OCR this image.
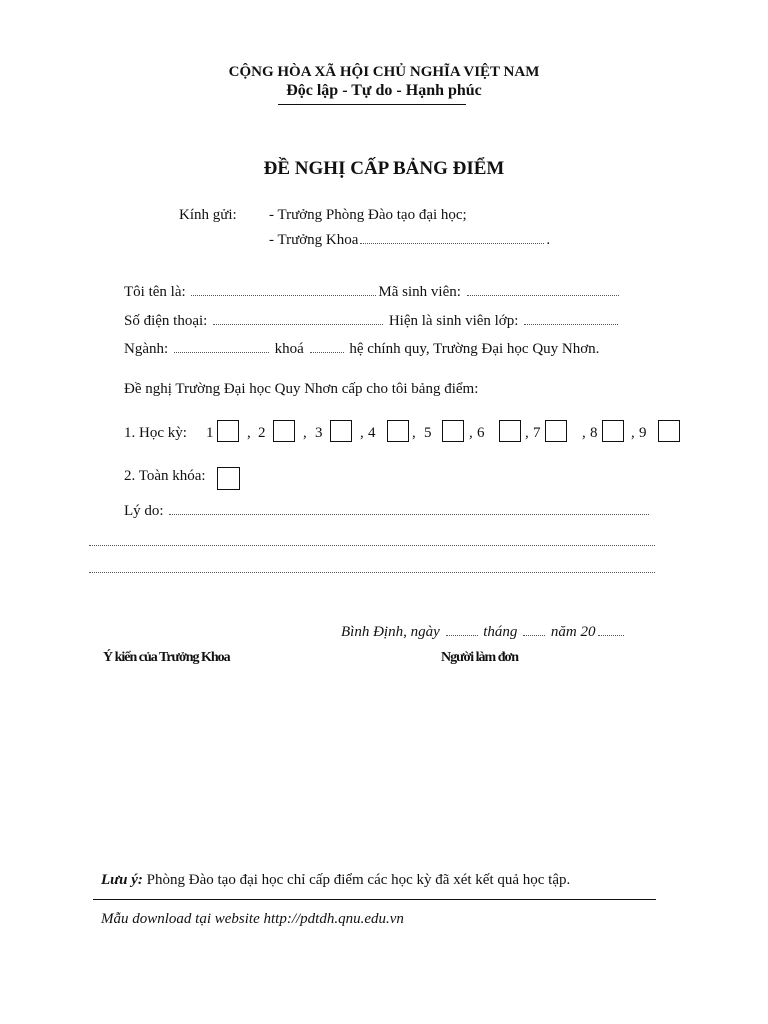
CỘNG HÒA XÃ HỘI CHỦ NGHĨA VIỆT NAM
Độc lập - Tự do - Hạnh phúc
ĐỀ NGHỊ CẤP BẢNG ĐIỂM
Kính gửi: - Trưởng Phòng Đào tạo đại học;
- Trưởng Khoa	.
Tôi tên là:	Mã sinh viên:
Số điện thoại:	Hiện là sinh viên lớp:
Ngành:	khoá	hệ chính quy, Trường Đại học Quy Nhơn.
Đề nghị Trường Đại học Quy Nhơn cấp cho tôi bảng điểm:
1. Học kỳ: 1 , 2	, 3	, 4 , 5	, 6	, 7	, 8 , 9
2. Toàn khóa:
Lý do:
Bình Định, ngày	tháng năm 20
Ý kiến của Trưởng Khoa	Người làm đơn
Lưu ý: Phòng Đào tạo đại học chỉ cấp điểm các học kỳ đã xét kết quả học tập.
Mẫu download tại website http://pdtdh.qnu.edu.vn
